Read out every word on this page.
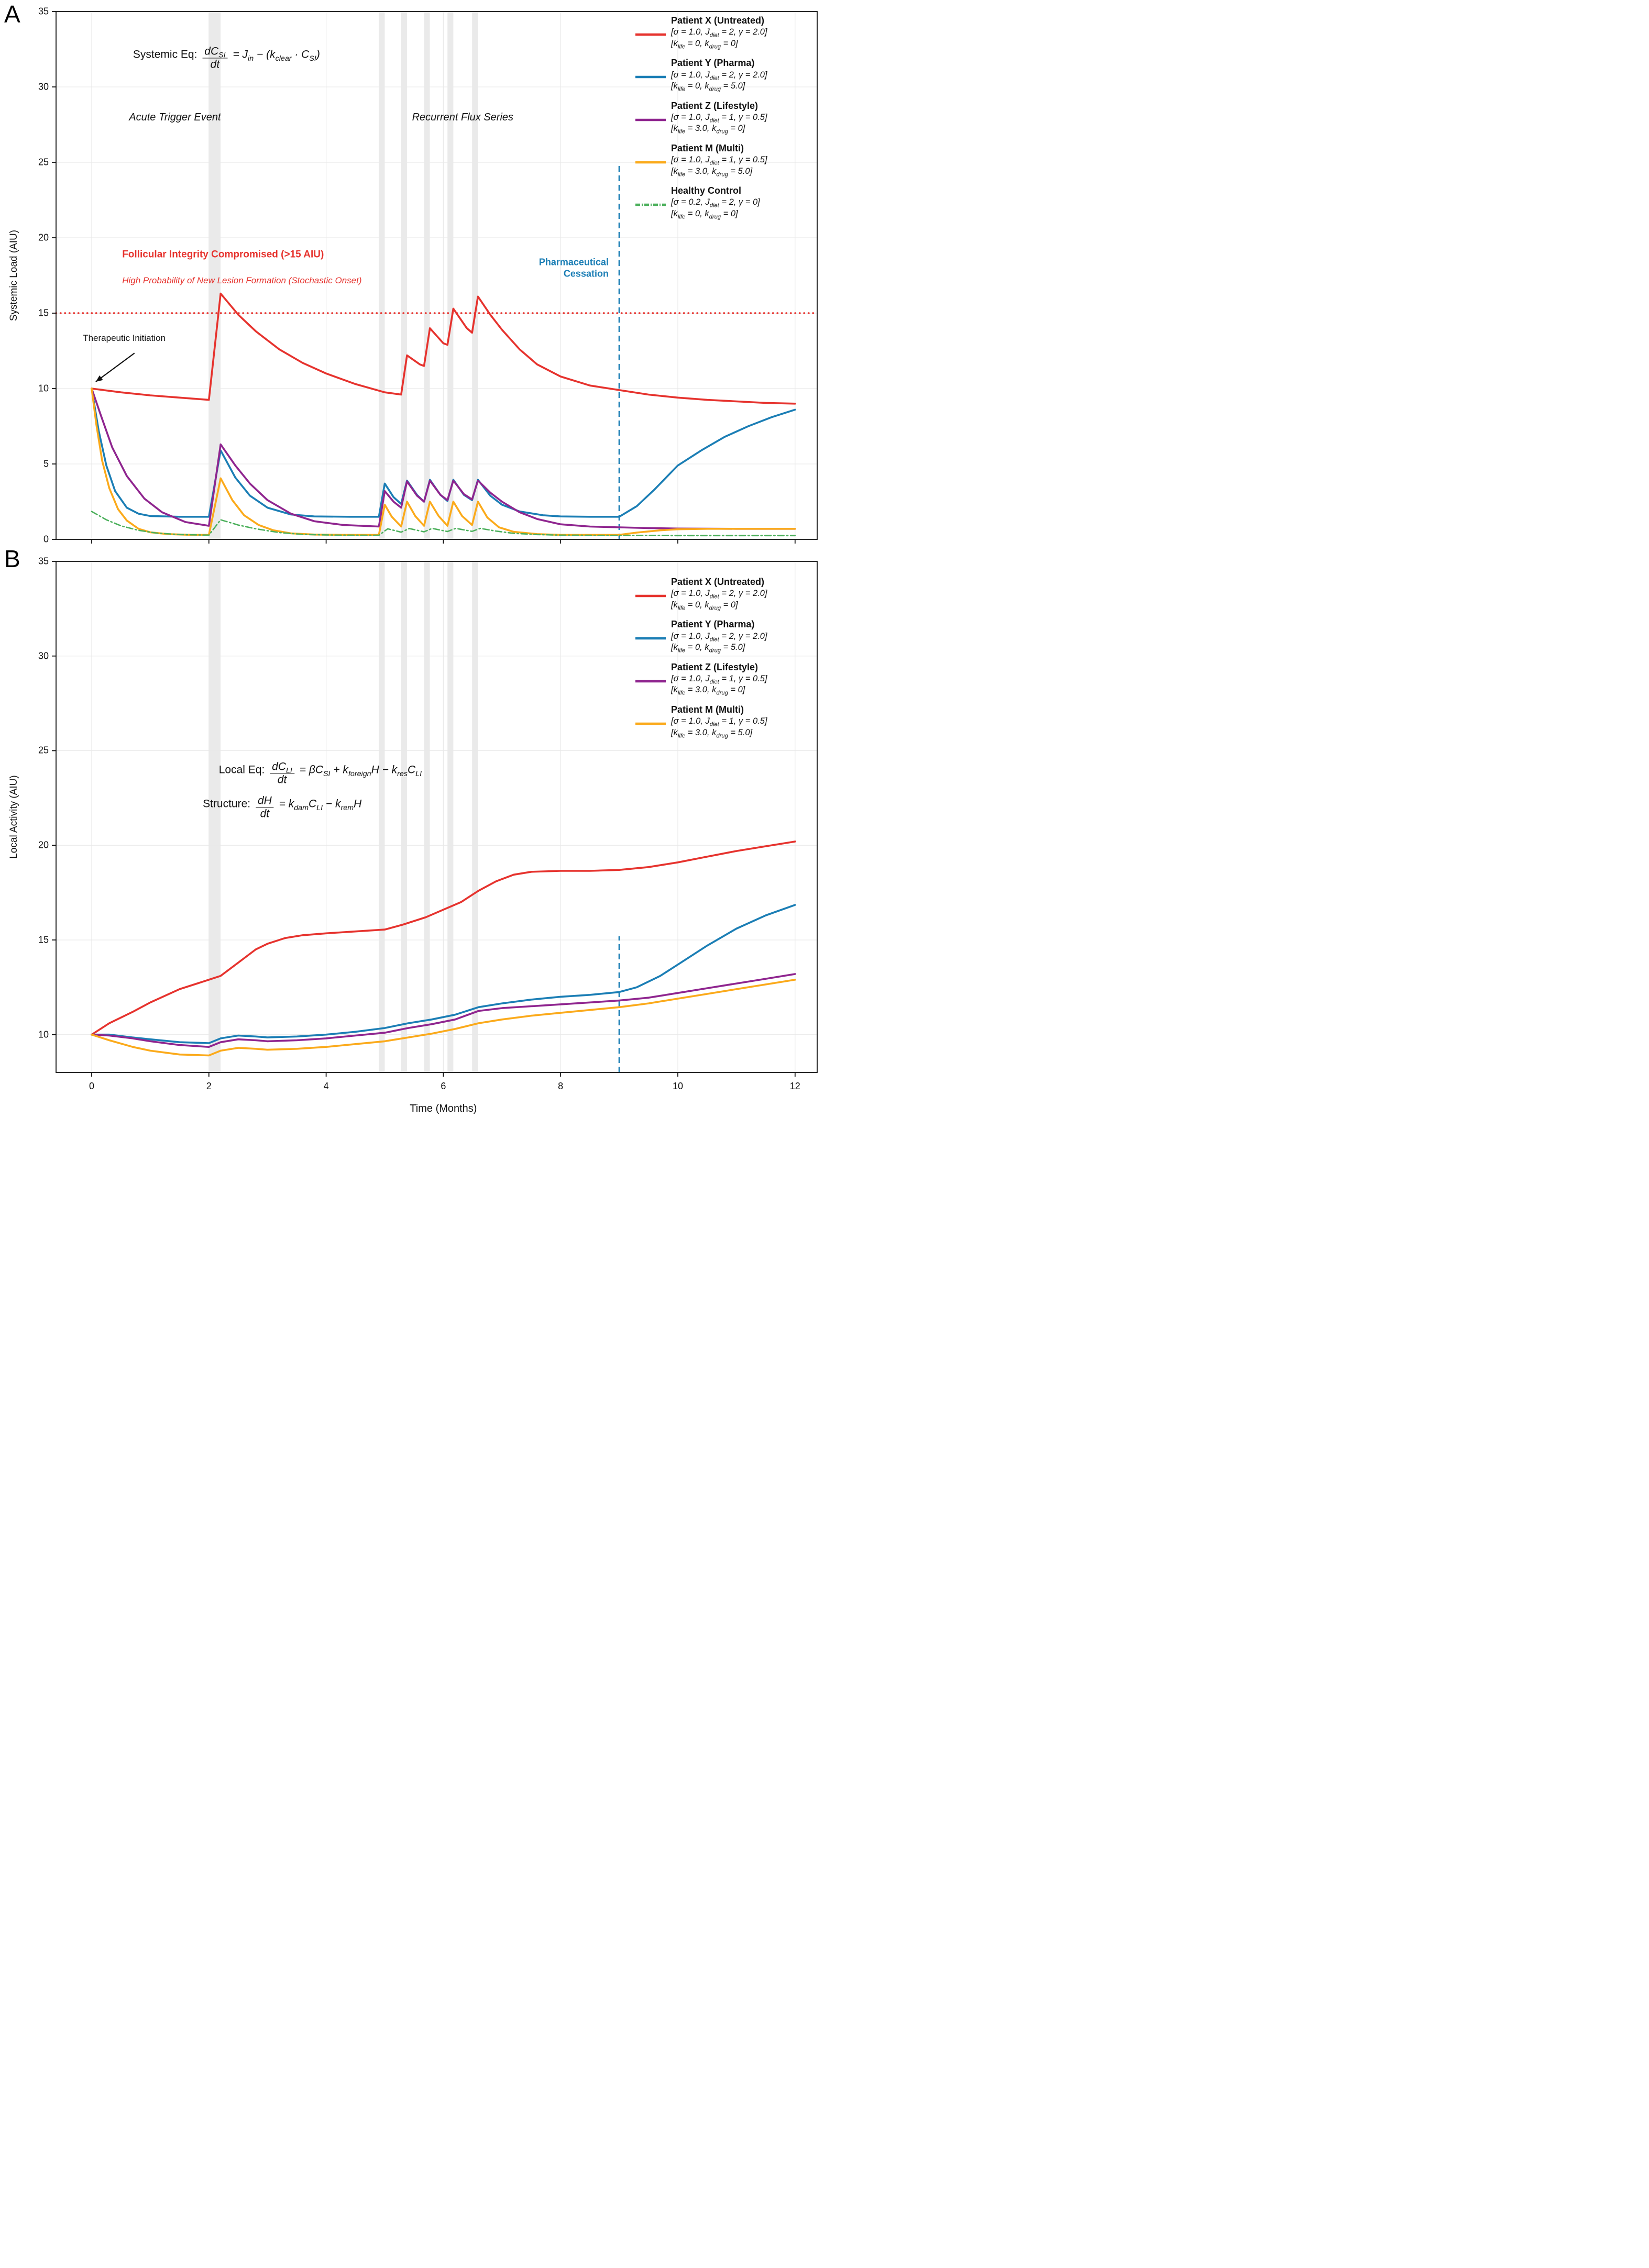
A
B
Systemic Load (AIU)
Local Activity (AIU)
Time (Months)
Systemic Eq: $\frac{dC_{SI}}{dt} = J_{in} - (k_{clear} \cdot C_{SI})$
Acute Trigger Event	Recurrent Flux Series
Follicular Integrity Compromised (>15 AIU)
High Probability of New Lesion Formation (Stochastic Onset)
Therapeutic Initiation
Pharmaceutical
Cessation
Local Eq: $\frac{dC_{LI}}{dt} = \beta C_{SI} + k_{foreign}H - k_{res}C_{LI}$
Structure: $\frac{dH}{dt} = k_{dam}C_{LI} - k_{rem}H$
Patient X (Untreated)
[σ = 1.0, $J_{diet} = 2$, γ = 2.0]
[$k_{life} = 0$, $k_{drug} = 0$]
Patient Y (Pharma)
[σ = 1.0, $J_{diet} = 2$, γ = 2.0]
[$k_{life} = 0$, $k_{drug} = 5.0$]
Patient Z (Lifestyle)
[σ = 1.0, $J_{diet} = 1$, γ = 0.5]
[$k_{life} = 3.0$, $k_{drug} = 0$]
Patient M (Multi)
[σ = 1.0, $J_{diet} = 1$, γ = 0.5]
[$k_{life} = 3.0$, $k_{drug} = 5.0$]
Healthy Control
[σ = 0.2, $J_{diet} = 2$, γ = 0]
[$k_{life} = 0$, $k_{drug} = 0$]
Patient X (Untreated)
[σ = 1.0, $J_{diet} = 2$, γ = 2.0]
[$k_{life} = 0$, $k_{drug} = 0$]
Patient Y (Pharma)
[σ = 1.0, $J_{diet} = 2$, γ = 2.0]
[$k_{life} = 0$, $k_{drug} = 5.0$]
Patient Z (Lifestyle)
[σ = 1.0, $J_{diet} = 1$, γ = 0.5]
[$k_{life} = 3.0$, $k_{drug} = 0$]
Patient M (Multi)
[σ = 1.0, $J_{diet} = 1$, γ = 0.5]
[$k_{life} = 3.0$, $k_{drug} = 5.0$]
0
5
10
15
20
25
30
35
10
15
20
25
30
35
0	2	4	6	8	10	12
